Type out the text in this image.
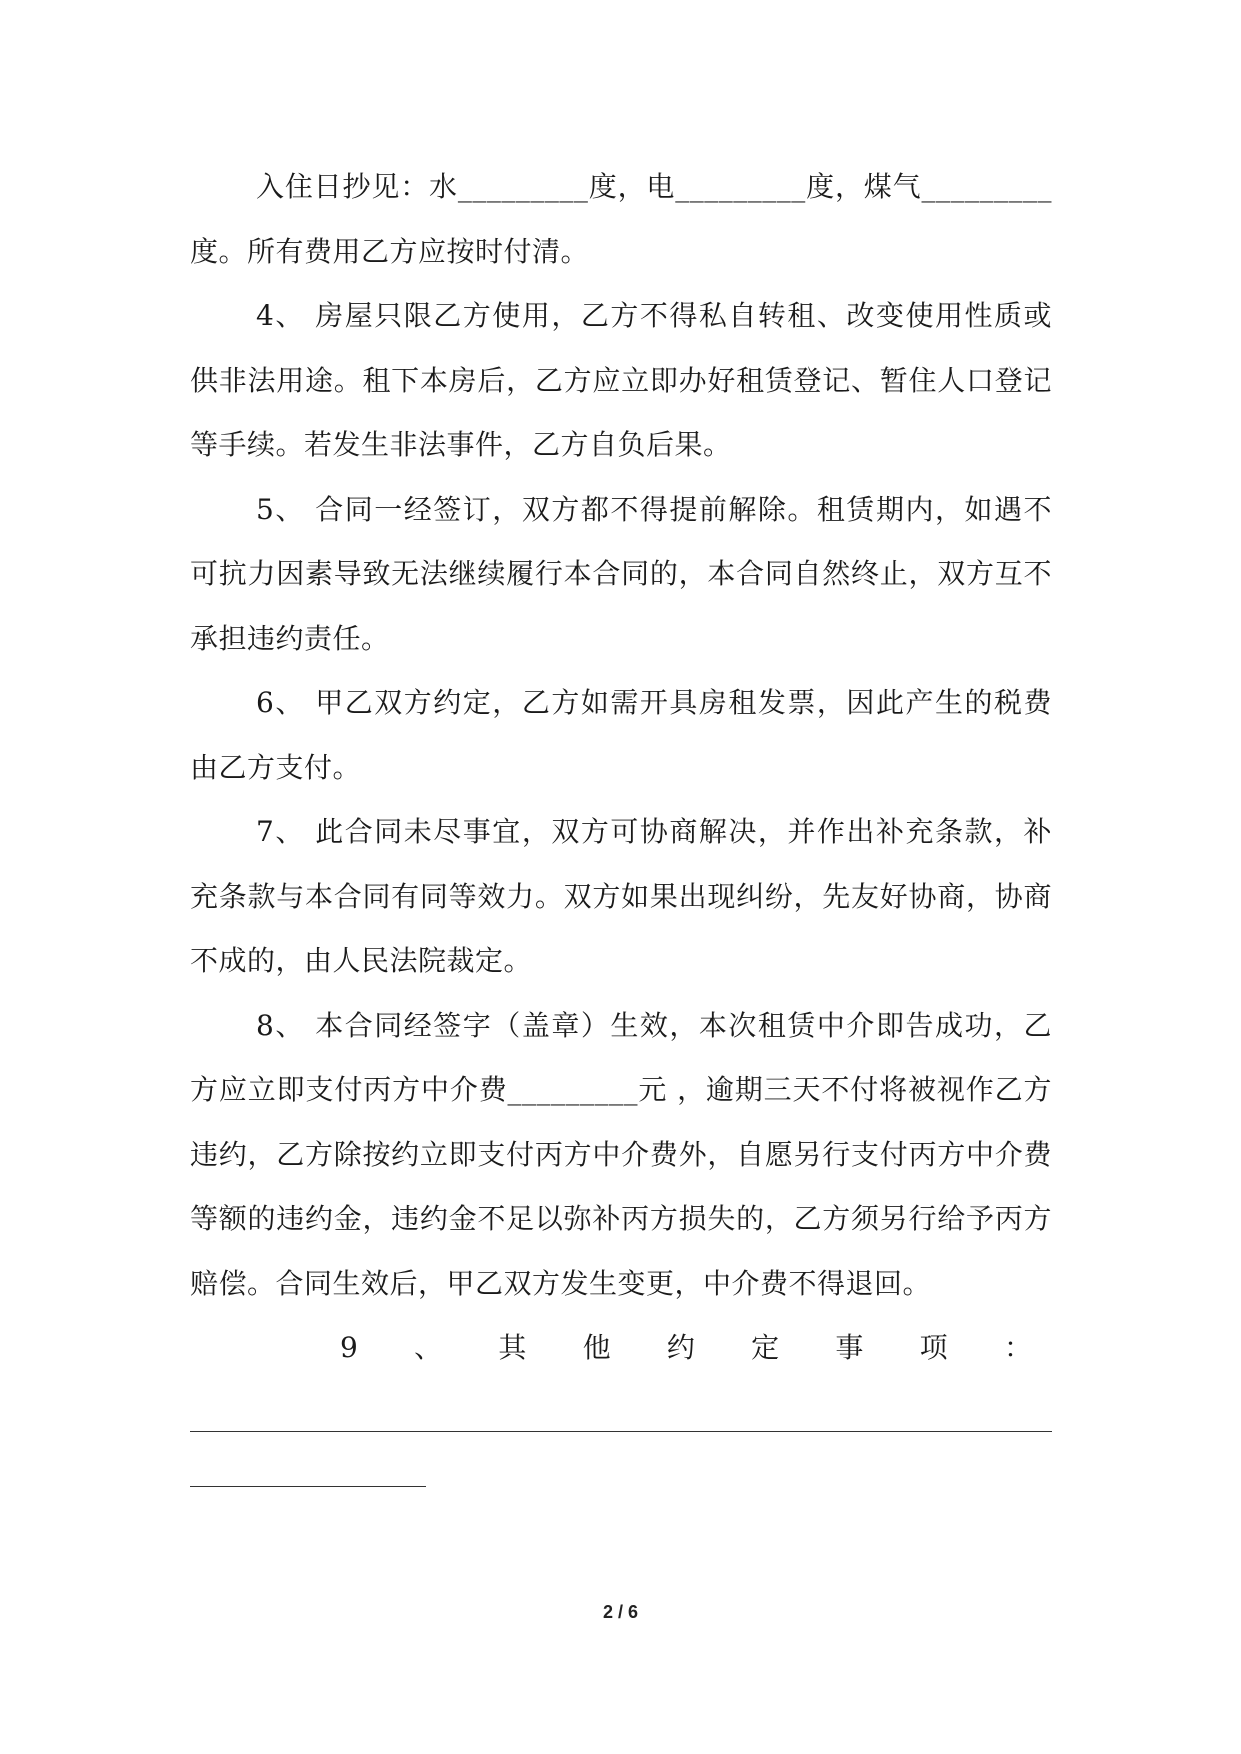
入住日抄见：水_________度，电_________度，煤气_________度。所有费用乙方应按时付清。

4、 房屋只限乙方使用，乙方不得私自转租、改变使用性质或供非法用途。租下本房后，乙方应立即办好租赁登记、暂住人口登记等手续。若发生非法事件，乙方自负后果。

5、 合同一经签订，双方都不得提前解除。租赁期内，如遇不可抗力因素导致无法继续履行本合同的，本合同自然终止，双方互不承担违约责任。

6、 甲乙双方约定，乙方如需开具房租发票，因此产生的税费由乙方支付。

7、 此合同未尽事宜，双方可协商解决，并作出补充条款，补充条款与本合同有同等效力。双方如果出现纠纷，先友好协商，协商不成的，由人民法院裁定。

8、 本合同经签字（盖章）生效，本次租赁中介即告成功，乙方应立即支付丙方中介费_________元 ，逾期三天不付将被视作乙方违约，乙方除按约立即支付丙方中介费外，自愿另行支付丙方中介费等额的违约金，违约金不足以弥补丙方损失的，乙方须另行给予丙方赔偿。合同生效后，甲乙双方发生变更，中介费不得退回。

9 、 其 他 约 定 事 项 ：
2 / 6
